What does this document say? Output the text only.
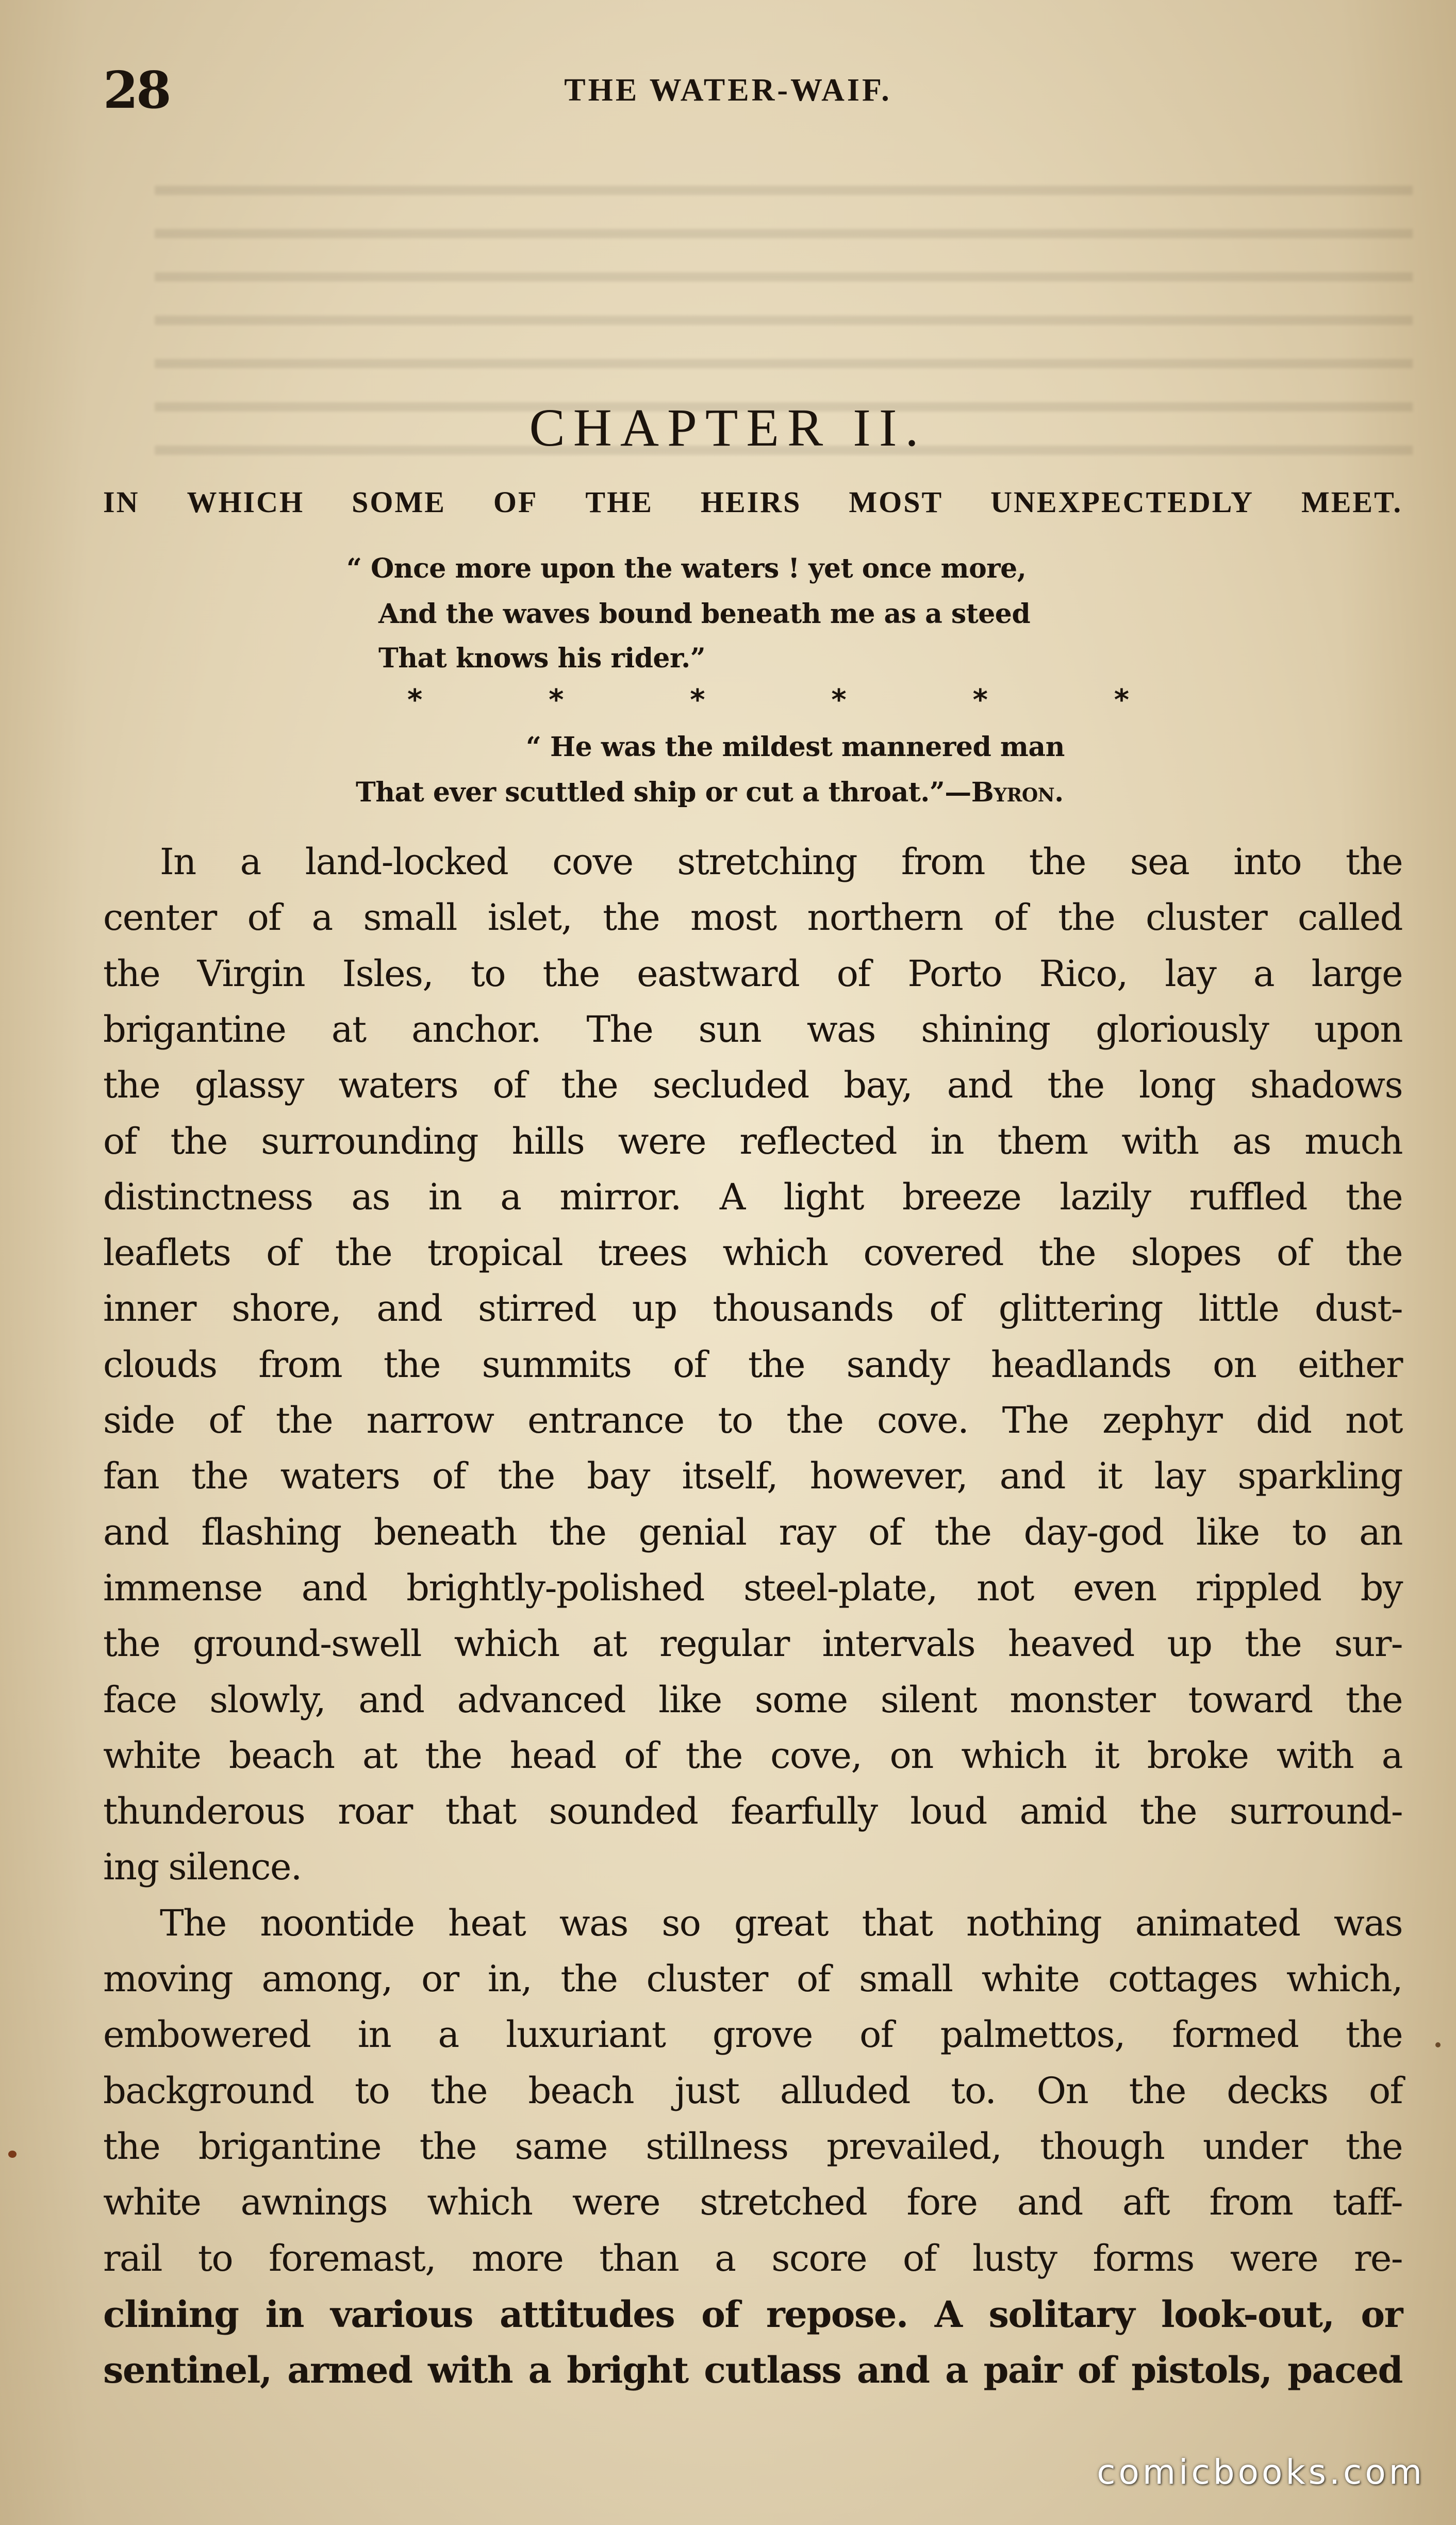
28	THE WATER-WAIF.
CHAPTER II.
IN WHICH SOME OF THE HEIRS MOST UNEXPECTEDLY MEET.
“ Once more upon the waters ! yet once more,
And the waves bound beneath me as a steed
That knows his rider.”
*	*	*	*	*	*
“ He was the mildest mannered man
That ever scuttled ship or cut a throat.”—Byron.
In a land-locked cove stretching from the sea into the
center of a small islet, the most northern of the cluster called
the Virgin Isles, to the eastward of Porto Rico, lay a large
brigantine at anchor. The sun was shining gloriously upon
the glassy waters of the secluded bay, and the long shadows
of the surrounding hills were reflected in them with as much
distinctness as in a mirror. A light breeze lazily ruffled the
leaflets of the tropical trees which covered the slopes of the
inner shore, and stirred up thousands of glittering little dust-
clouds from the summits of the sandy headlands on either
side of the narrow entrance to the cove. The zephyr did not
fan the waters of the bay itself, however, and it lay sparkling
and flashing beneath the genial ray of the day-god like to an
immense and brightly-polished steel-plate, not even rippled by
the ground-swell which at regular intervals heaved up the sur-
face slowly, and advanced like some silent monster toward the
white beach at the head of the cove, on which it broke with a
thunderous roar that sounded fearfully loud amid the surround-
ing silence.
The noontide heat was so great that nothing animated was
moving among, or in, the cluster of small white cottages which,
embowered in a luxuriant grove of palmettos, formed the
background to the beach just alluded to. On the decks of
the brigantine the same stillness prevailed, though under the
white awnings which were stretched fore and aft from taff-
rail to foremast, more than a score of lusty forms were re-
clining in various attitudes of repose. A solitary look-out, or
sentinel, armed with a bright cutlass and a pair of pistols, paced
comicbooks.com
